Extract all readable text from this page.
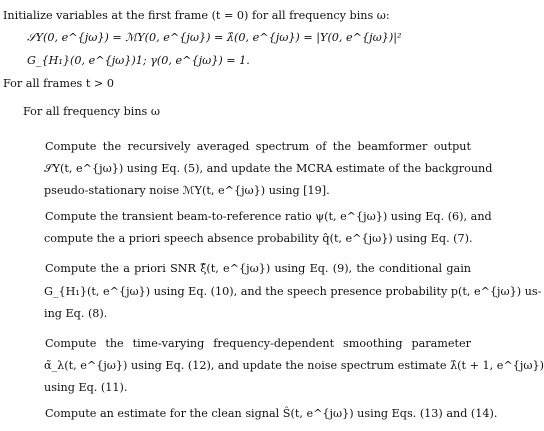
Initialize variables at the first frame (t = 0) for all frequency bins ω:
𝒮Y(0, e^{jω}) = ℳY(0, e^{jω}) = λ̂(0, e^{jω}) = |Y(0, e^{jω})|²
G_{H₁}(0, e^{jω})1; γ(0, e^{jω}) = 1.
For all frames t > 0
For all frequency bins ω
Compute the recursively averaged spectrum of the beamformer output
𝒮Y(t, e^{jω}) using Eq. (5), and update the MCRA estimate of the background
pseudo-stationary noise ℳY(t, e^{jω}) using [19].
Compute the transient beam-to-reference ratio ψ(t, e^{jω}) using Eq. (6), and
compute the a priori speech absence probability q̂(t, e^{jω}) using Eq. (7).
Compute the a priori SNR ξ̂(t, e^{jω}) using Eq. (9), the conditional gain
G_{H₁}(t, e^{jω}) using Eq. (10), and the speech presence probability p(t, e^{jω}) us-
ing Eq. (8).
Compute the time-varying frequency-dependent smoothing parameter
α̃_λ(t, e^{jω}) using Eq. (12), and update the noise spectrum estimate λ̂(t + 1, e^{jω})
using Eq. (11).
Compute an estimate for the clean signal Ŝ(t, e^{jω}) using Eqs. (13) and (14).
